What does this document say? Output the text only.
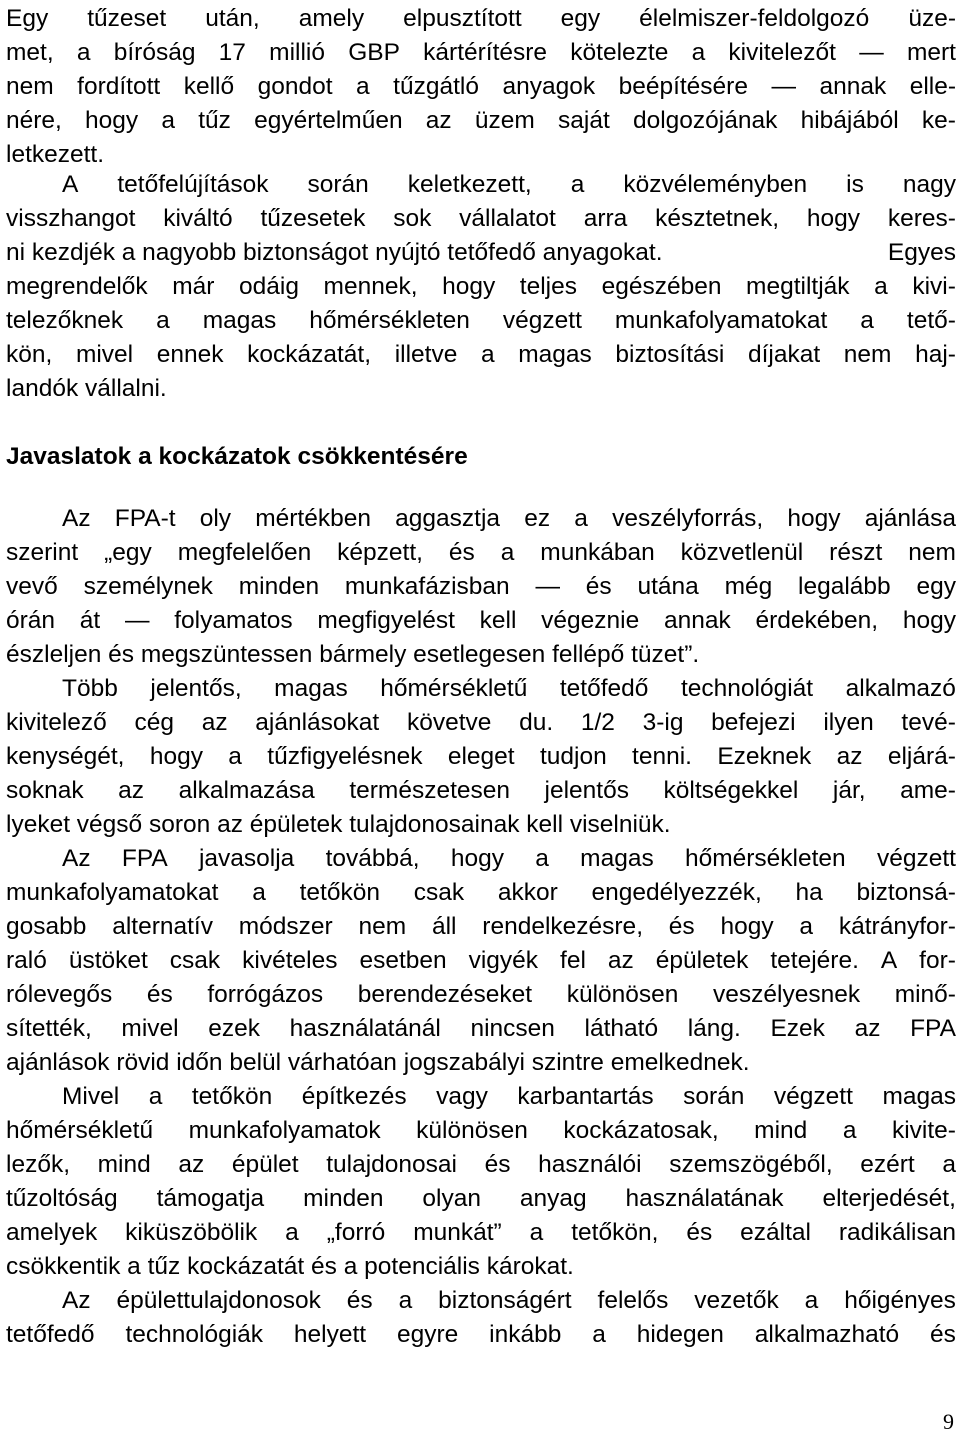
Egy tűzeset után, amely elpusztított egy élelmiszer-feldolgozó üze-
met, a bíróság 17 millió GBP kártérítésre kötelezte a kivitelezőt — mert
nem fordított kellő gondot a tűzgátló anyagok beépítésére — annak elle-
nére, hogy a tűz egyértelműen az üzem saját dolgozójának hibájából ke-
letkezett.
A tetőfelújítások során keletkezett, a közvéleményben is nagy
visszhangot kiváltó tűzesetek sok vállalatot arra késztetnek, hogy keres-
ni kezdjék a nagyobb biztonságot nyújtó tetőfedő anyagokat.	Egyes
megrendelők már odáig mennek, hogy teljes egészében megtiltják a kivi-
telezőknek a magas hőmérsékleten végzett munkafolyamatokat a tető-
kön, mivel ennek kockázatát, illetve a magas biztosítási díjakat nem haj-
landók vállalni.
Javaslatok a kockázatok csökkentésére
Az FPA-t oly mértékben aggasztja ez a veszélyforrás, hogy ajánlása
szerint „egy megfelelően képzett, és a munkában közvetlenül részt nem
vevő személynek minden munkafázisban — és utána még legalább egy
órán át — folyamatos megfigyelést kell végeznie annak érdekében, hogy
észleljen és megszüntessen bármely esetlegesen fellépő tüzet”.
Több jelentős, magas hőmérsékletű tetőfedő technológiát alkalmazó
kivitelező cég az ajánlásokat követve du. 1/2 3-ig befejezi ilyen tevé-
kenységét, hogy a tűzfigyelésnek eleget tudjon tenni. Ezeknek az eljárá-
soknak az alkalmazása természetesen jelentős költségekkel jár, ame-
lyeket végső soron az épületek tulajdonosainak kell viselniük.
Az FPA javasolja továbbá, hogy a magas hőmérsékleten végzett
munkafolyamatokat a tetőkön csak akkor engedélyezzék, ha biztonsá-
gosabb alternatív módszer nem áll rendelkezésre, és hogy a kátrányfor-
raló üstöket csak kivételes esetben vigyék fel az épületek tetejére. A for-
rólevegős és forrógázos berendezéseket különösen veszélyesnek minő-
sítették, mivel ezek használatánál nincsen látható láng. Ezek az FPA
ajánlások rövid időn belül várhatóan jogszabályi szintre emelkednek.
Mivel a tetőkön építkezés vagy karbantartás során végzett magas
hőmérsékletű munkafolyamatok különösen kockázatosak, mind a kivite-
lezők, mind az épület tulajdonosai és használói szemszögéből, ezért a
tűzoltóság támogatja minden olyan anyag használatának elterjedését,
amelyek kiküszöbölik a „forró munkát” a tetőkön, és ezáltal radikálisan
csökkentik a tűz kockázatát és a potenciális károkat.
Az épülettulajdonosok és a biztonságért felelős vezetők a hőigényes
tetőfedő technológiák helyett egyre inkább a hidegen alkalmazható és
9
